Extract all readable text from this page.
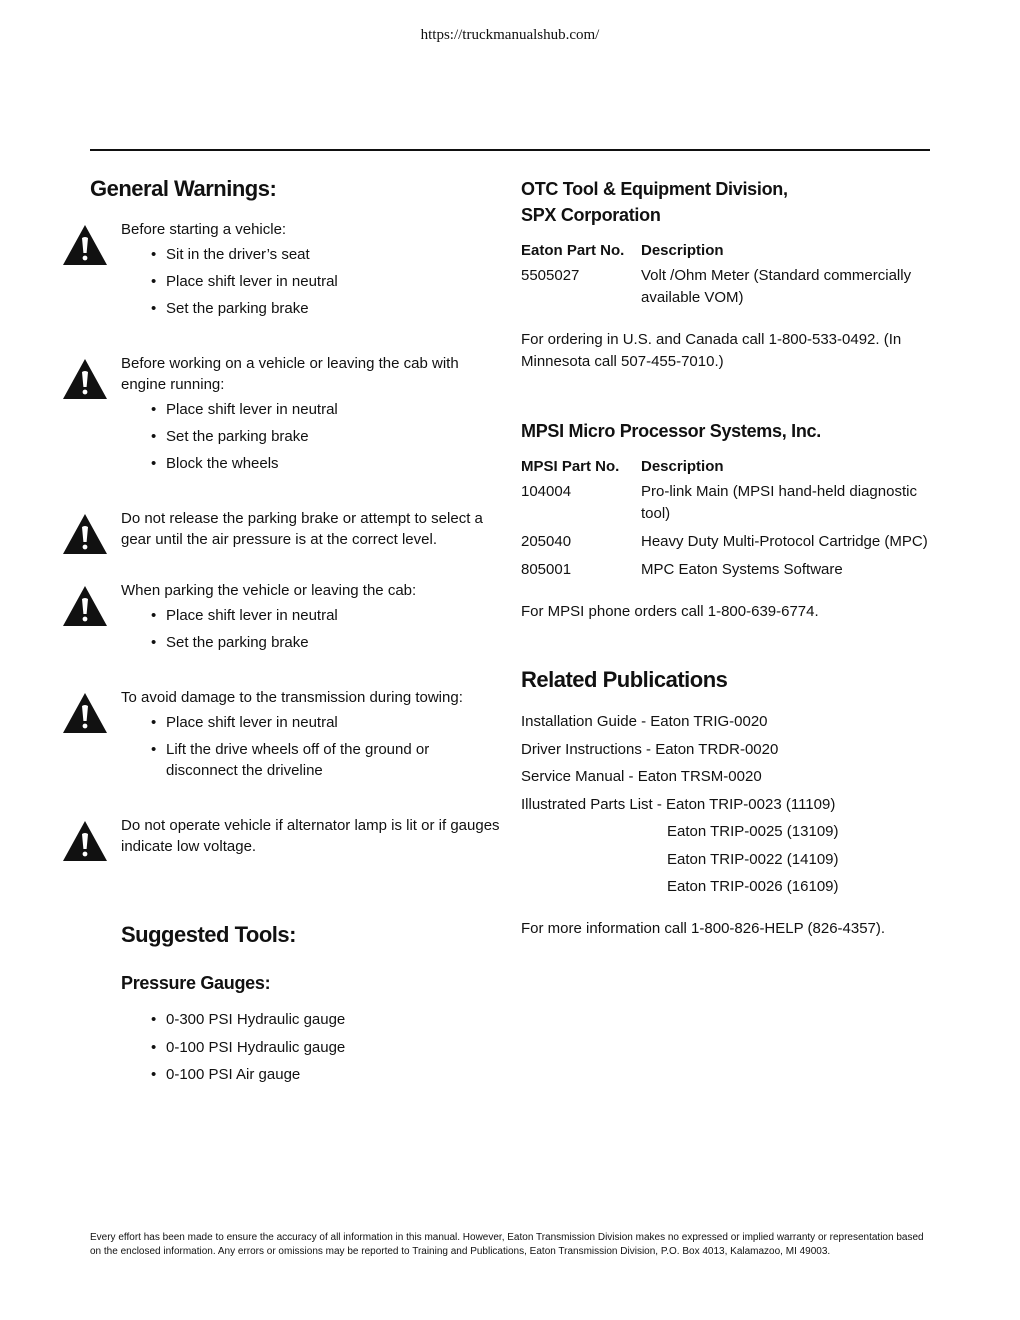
https://truckmanualshub.com/
General Warnings:
Before starting a vehicle:
• Sit in the driver’s seat
• Place shift lever in neutral
• Set the parking brake
Before working on a vehicle or leaving the cab with engine running:
• Place shift lever in neutral
• Set the parking brake
• Block the wheels
Do not release the parking brake or attempt to select a gear until the air pressure is at the correct level.
When parking the vehicle or leaving the cab:
• Place shift lever in neutral
• Set the parking brake
To avoid damage to the transmission during towing:
• Place shift lever in neutral
• Lift the drive wheels off of the ground or disconnect the driveline
Do not operate vehicle if alternator lamp is lit or if gauges indicate low voltage.
Suggested Tools:
Pressure Gauges:
• 0-300 PSI Hydraulic gauge
• 0-100 PSI Hydraulic gauge
• 0-100 PSI Air gauge
OTC Tool & Equipment Division,
SPX Corporation
Eaton Part No.	Description
5505027	Volt /Ohm Meter (Standard commercially available VOM)
For ordering in U.S. and Canada call 1-800-533-0492. (In Minnesota call 507-455-7010.)
MPSI Micro Processor Systems, Inc.
MPSI Part No.	Description
104004	Pro-link Main (MPSI hand-held diagnostic tool)
205040	Heavy Duty Multi-Protocol Cartridge (MPC)
805001	MPC Eaton Systems Software
For MPSI phone orders call 1-800-639-6774.
Related Publications
Installation Guide - Eaton TRIG-0020
Driver Instructions - Eaton TRDR-0020
Service Manual - Eaton TRSM-0020
Illustrated Parts List - Eaton TRIP-0023 (11109)
Eaton TRIP-0025 (13109)
Eaton TRIP-0022 (14109)
Eaton TRIP-0026 (16109)
For more information call 1-800-826-HELP (826-4357).
Every effort has been made to ensure the accuracy of all information in this manual. However, Eaton Transmission Division makes no expressed or implied warranty or representation based on the enclosed information. Any errors or omissions may be reported to Training and Publications, Eaton Transmission Division, P.O. Box 4013, Kalamazoo, MI 49003.
